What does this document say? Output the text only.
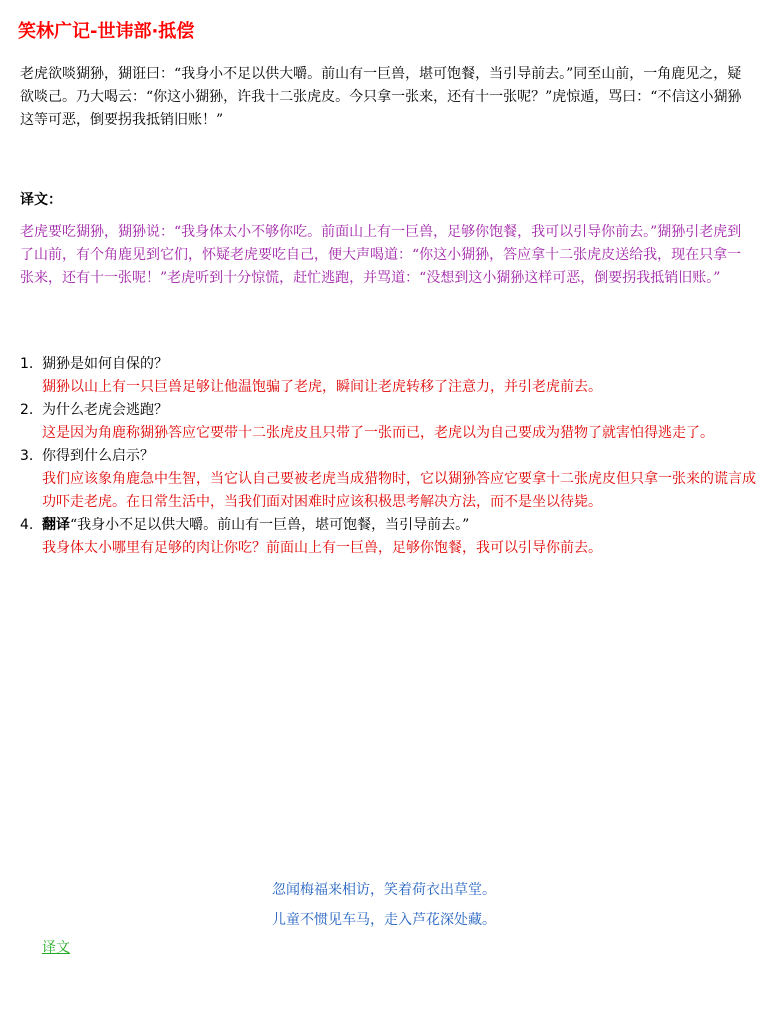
笑林广记-世讳部·抵偿

老虎欲啖猢狲，猢诳曰：“我身小不足以供大嚼。前山有一巨兽，堪可饱餐，当引导前去。”同至山前，一角鹿见之，疑欲啖己。乃大喝云：“你这小猢狲，许我十二张虎皮。今只拿一张来，还有十一张呢？”虎惊遁，骂曰：“不信这小猢狲这等可恶，倒要拐我抵销旧账！”

译文：

老虎要吃猢狲，猢狲说：“我身体太小不够你吃。前面山上有一巨兽，足够你饱餐，我可以引导你前去。”猢狲引老虎到了山前，有个角鹿见到它们，怀疑老虎要吃自己，便大声喝道：“你这小猢狲，答应拿十二张虎皮送给我，现在只拿一张来，还有十一张呢！”老虎听到十分惊慌，赶忙逃跑，并骂道：“没想到这小猢狲这样可恶，倒要拐我抵销旧账。”

1. 猢狲是如何自保的？
猢狲以山上有一只巨兽足够让他温饱骗了老虎，瞬间让老虎转移了注意力，并引老虎前去。
2. 为什么老虎会逃跑？
这是因为角鹿称猢狲答应它要带十二张虎皮且只带了一张而已，老虎以为自己要成为猎物了就害怕得逃走了。
3. 你得到什么启示？
我们应该象角鹿急中生智，当它认自己要被老虎当成猎物时，它以猢狲答应它要拿十二张虎皮但只拿一张来的谎言成功吓走老虎。在日常生活中，当我们面对困难时应该积极思考解决方法，而不是坐以待毙。
4. 翻译“我身小不足以供大嚼。前山有一巨兽，堪可饱餐，当引导前去。”
我身体太小哪里有足够的肉让你吃？前面山上有一巨兽，足够你饱餐，我可以引导你前去。
忽闻梅福来相访，笑着荷衣出草堂。
儿童不惯见车马，走入芦花深处藏。
译文
